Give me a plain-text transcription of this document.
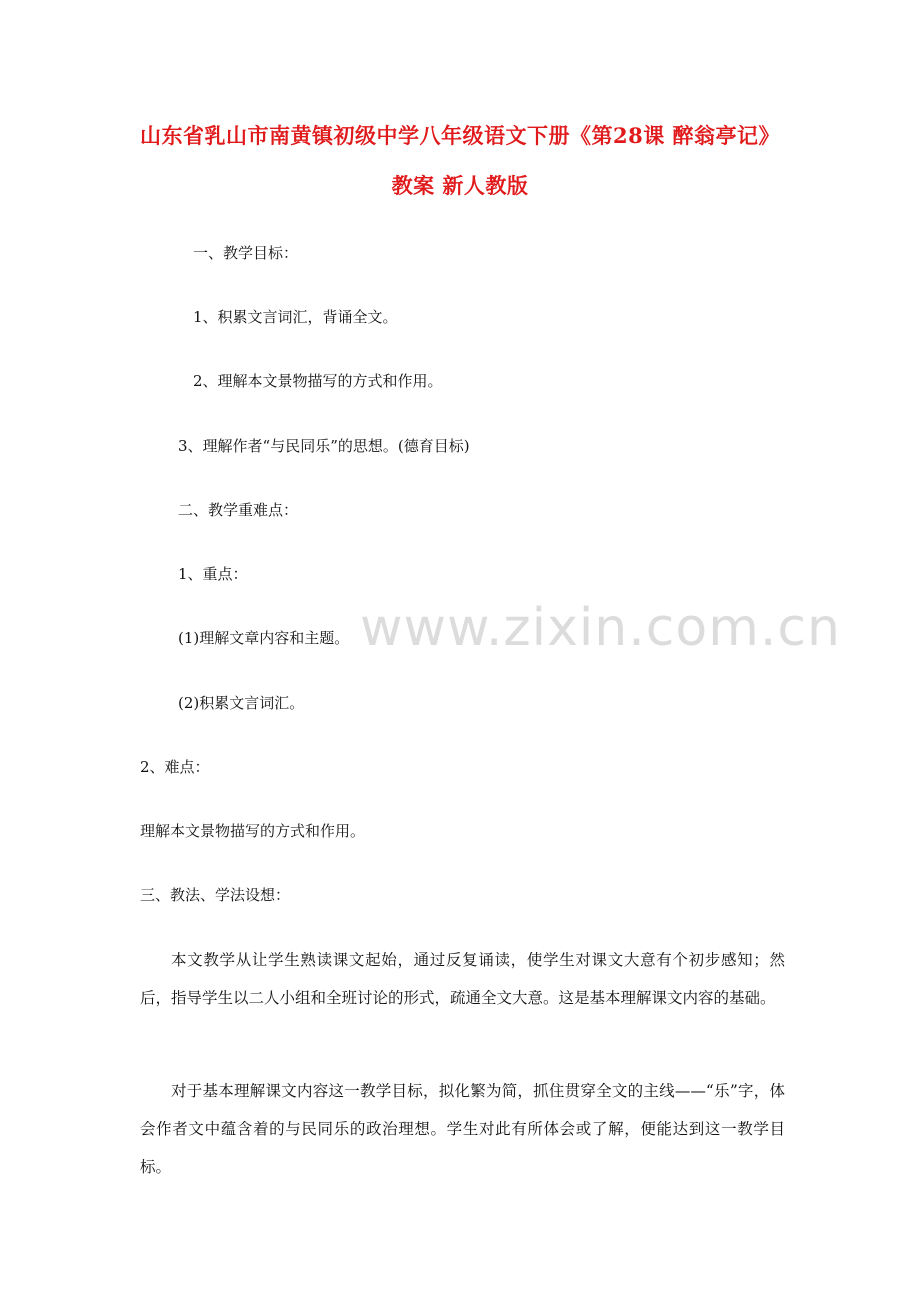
山东省乳山市南黄镇初级中学八年级语文下册《第28课 醉翁亭记》
教案 新人教版
一、教学目标：
1、积累文言词汇，背诵全文。
2、理解本文景物描写的方式和作用。
3、理解作者“与民同乐”的思想。(德育目标)
二、教学重难点：
1、重点：
(1)理解文章内容和主题。
(2)积累文言词汇。
2、难点：
理解本文景物描写的方式和作用。
三、教法、学法设想：
本文教学从让学生熟读课文起始，通过反复诵读，使学生对课文大意有个初步感知；然后，指导学生以二人小组和全班讨论的形式，疏通全文大意。这是基本理解课文内容的基础。
对于基本理解课文内容这一教学目标，拟化繁为简，抓住贯穿全文的主线——“乐”字，体会作者文中蕴含着的与民同乐的政治理想。学生对此有所体会或了解，便能达到这一教学目标。
www.zixin.com.cn
